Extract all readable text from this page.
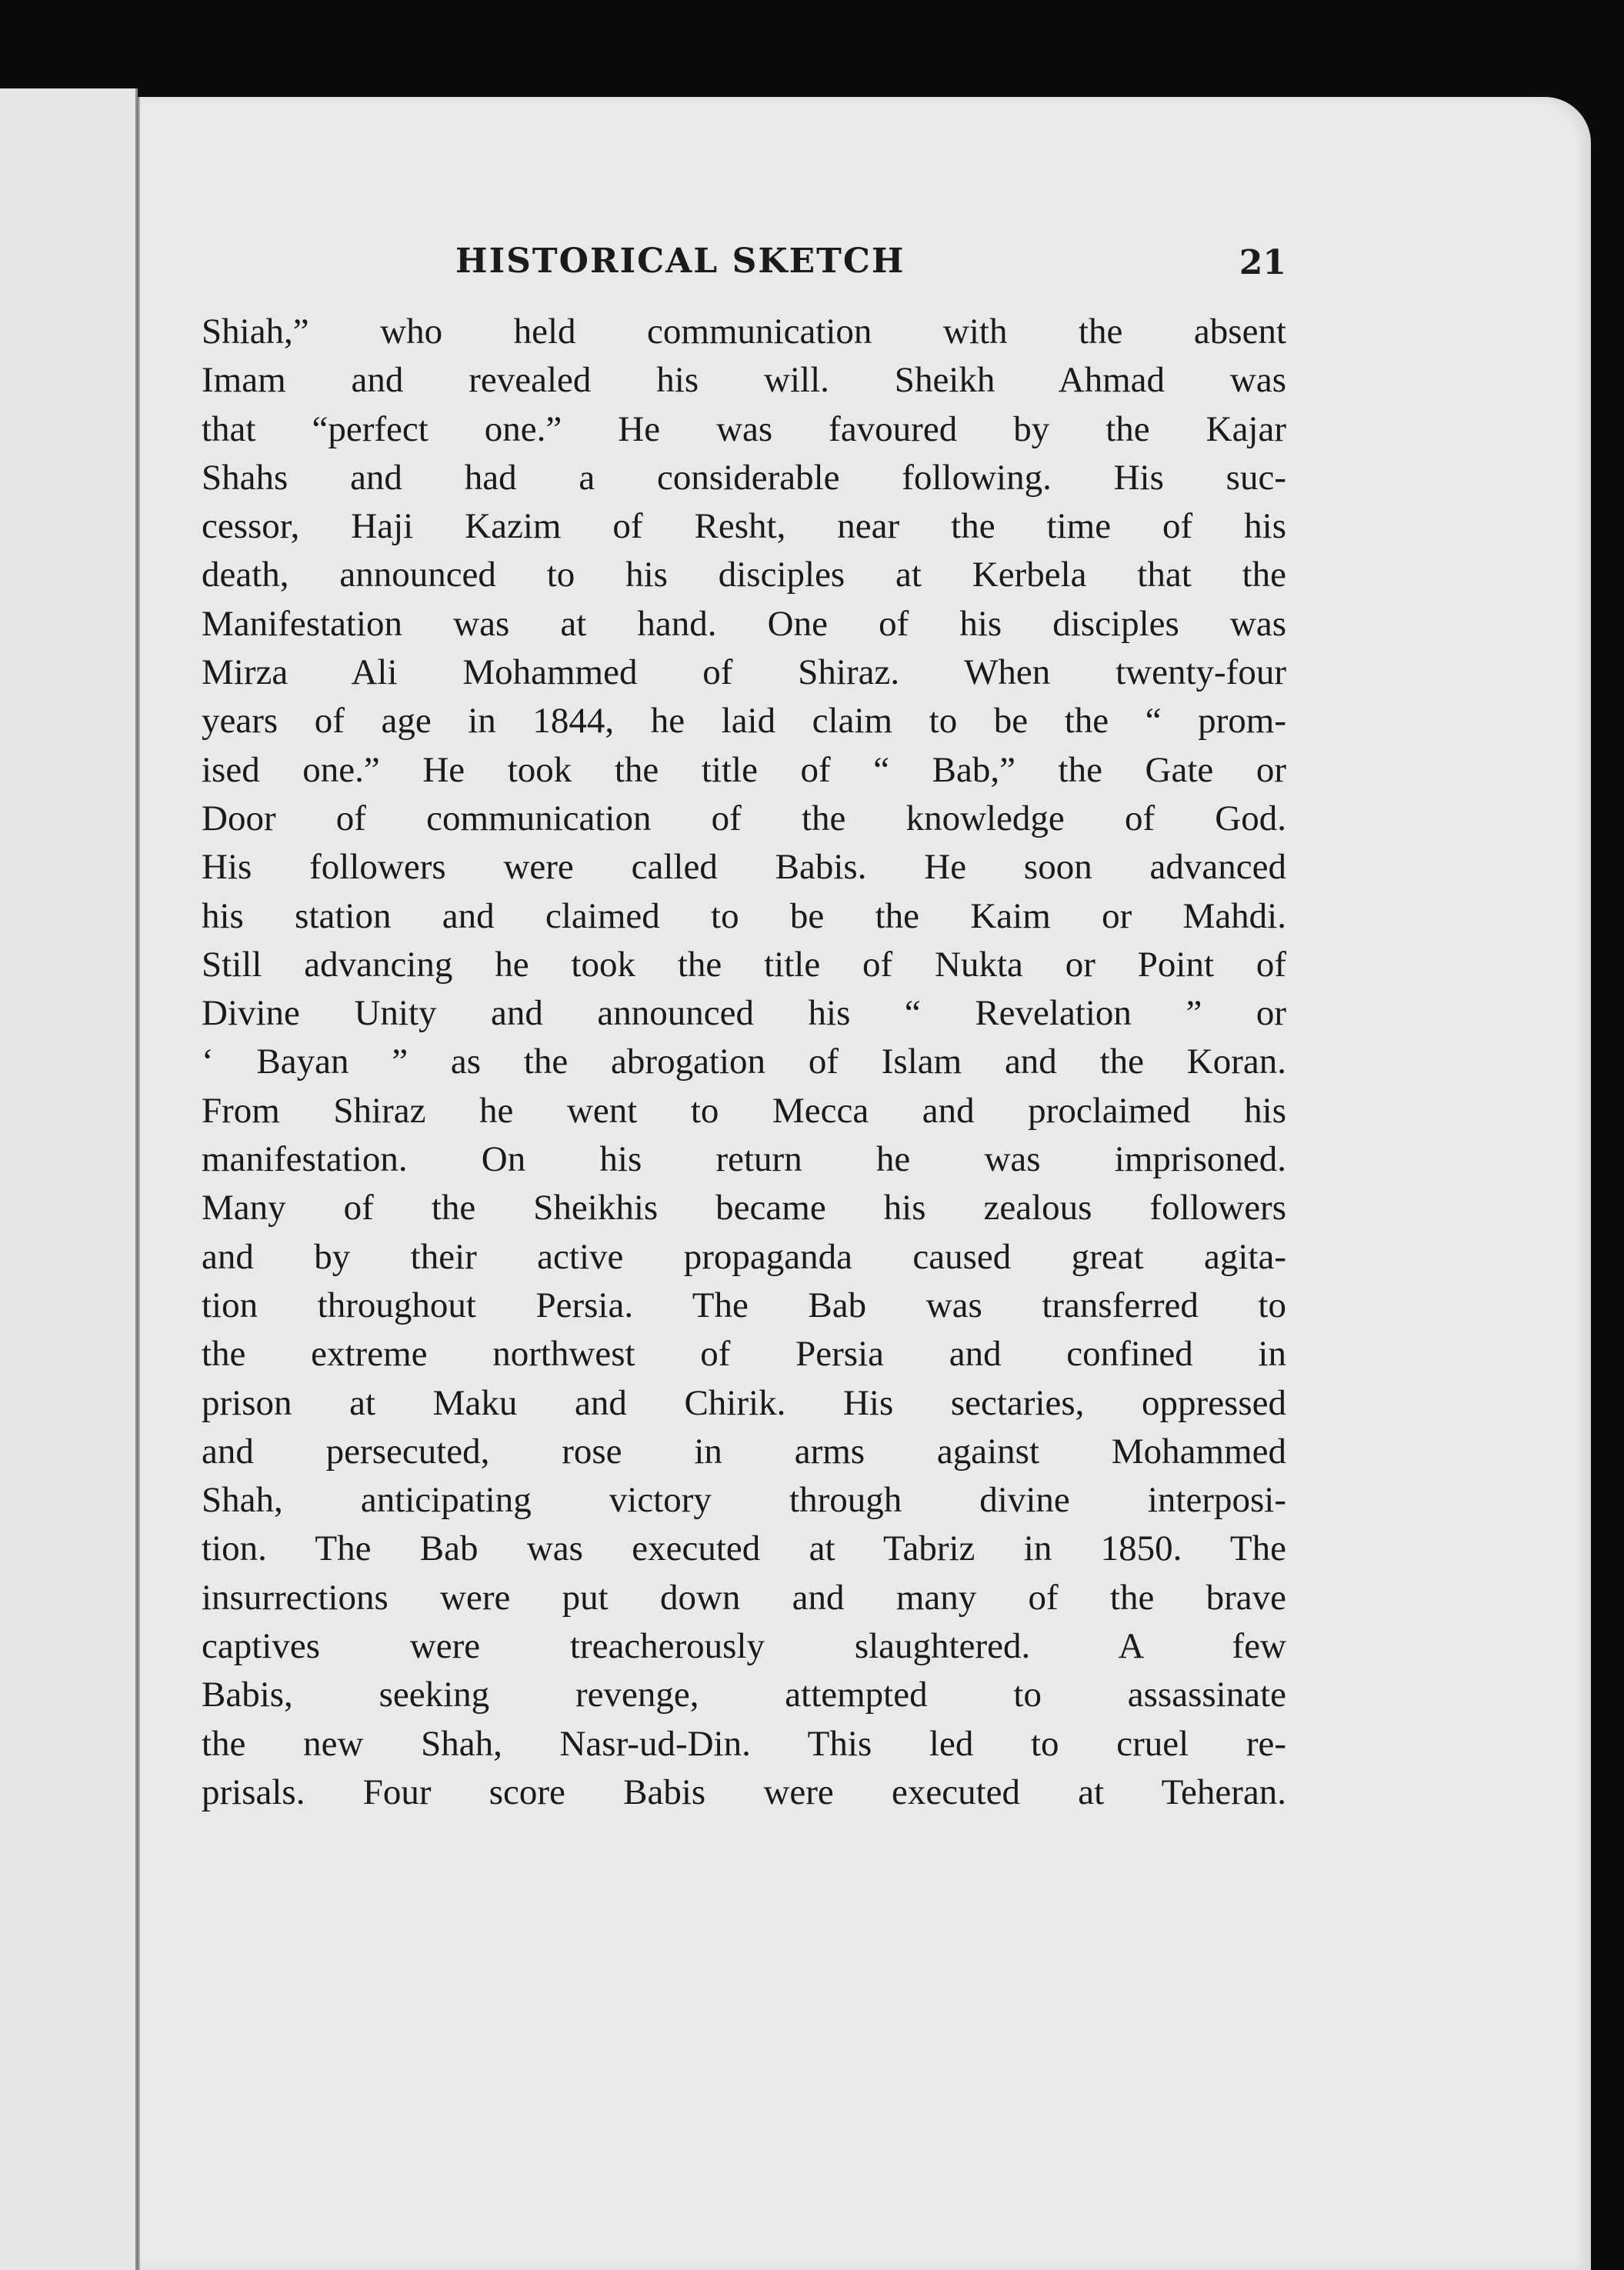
HISTORICAL SKETCH	21
Shiah,” who held communication with the absent
Imam and revealed his will. Sheikh Ahmad was
that “perfect one.” He was favoured by the Kajar
Shahs and had a considerable following. His suc-
cessor, Haji Kazim of Resht, near the time of his
death, announced to his disciples at Kerbela that the
Manifestation was at hand. One of his disciples was
Mirza Ali Mohammed of Shiraz. When twenty-four
years of age in 1844, he laid claim to be the “ prom-
ised one.” He took the title of “ Bab,” the Gate or
Door of communication of the knowledge of God.
His followers were called Babis. He soon advanced
his station and claimed to be the Kaim or Mahdi.
Still advancing he took the title of Nukta or Point of
Divine Unity and announced his “ Revelation ” or
‘ Bayan ” as the abrogation of Islam and the Koran.
From Shiraz he went to Mecca and proclaimed his
manifestation. On his return he was imprisoned.
Many of the Sheikhis became his zealous followers
and by their active propaganda caused great agita-
tion throughout Persia. The Bab was transferred to
the extreme northwest of Persia and confined in
prison at Maku and Chirik. His sectaries, oppressed
and persecuted, rose in arms against Mohammed
Shah, anticipating victory through divine interposi-
tion. The Bab was executed at Tabriz in 1850. The
insurrections were put down and many of the brave
captives were treacherously slaughtered. A few
Babis, seeking revenge, attempted to assassinate
the new Shah, Nasr-ud-Din. This led to cruel re-
prisals. Four score Babis were executed at Teheran.
